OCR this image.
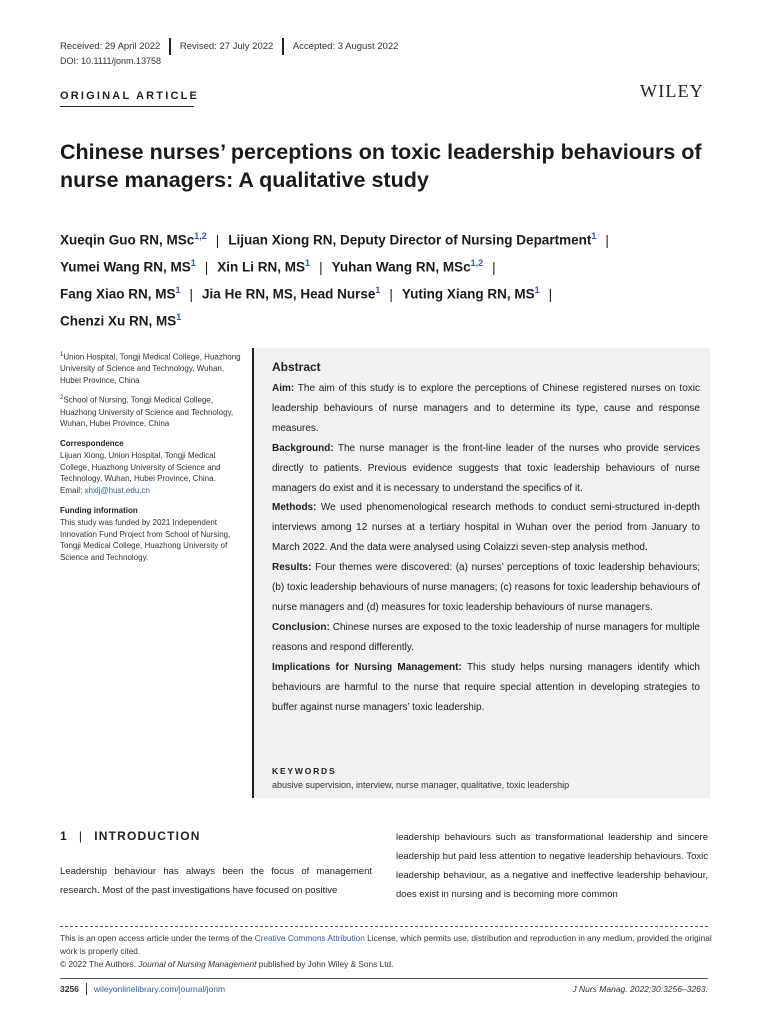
Received: 29 April 2022 Revised: 27 July 2022 Accepted: 3 August 2022
DOI: 10.1111/jonm.13758
ORIGINAL ARTICLE	WILEY
Chinese nurses’ perceptions on toxic leadership behaviours of nurse managers: A qualitative study
Xueqin Guo RN, MSc$^{1,2}$ | Lijuan Xiong RN, Deputy Director of Nursing Department$^1$ |
Yumei Wang RN, $MS^1$ | Xin Li RN, $MS^1$ | Yuhan Wang RN, MSc$^{1,2}$ |
Fang Xiao RN, $MS^1$ | Jia He RN, MS, Head Nurse$^1$ | Yuting Xiang RN, $MS^1$ |
Chenzi Xu RN, $MS^1$

$^1$Union Hospital, Tongji Medical College, Huazhong University of Science and Technology, Wuhan, Hubei Province, China

$^2$School of Nursing, Tongji Medical College, Huazhong University of Science and Technology, Wuhan, Hubei Province, China

Correspondence

Lijuan Xiong, Union Hospital, Tongji Medical College, Huazhong University of Science and Technology, Wuhan, Hubei Province, China.
Email: xhxlj@hust.edu.cn

Funding information

This study was funded by 2021 Independent Innovation Fund Project from School of Nursing, Tongji Medical College, Huazhong University of Science and Technology.

Abstract

Aim: The aim of this study is to explore the perceptions of Chinese registered nurses on toxic leadership behaviours of nurse managers and to determine its type, cause and response measures.

Background: The nurse manager is the front-line leader of the nurses who provide services directly to patients. Previous evidence suggests that toxic leadership behaviours of nurse managers do exist and it is necessary to understand the specifics of it.

Methods: We used phenomenological research methods to conduct semi-structured in-depth interviews among 12 nurses at a tertiary hospital in Wuhan over the period from January to March 2022. And the data were analysed using Colaizzi seven-step analysis method.

Results: Four themes were discovered: (a) nurses’ perceptions of toxic leadership behaviours; (b) toxic leadership behaviours of nurse managers; (c) reasons for toxic leadership behaviours of nurse managers and (d) measures for toxic leadership behaviours of nurse managers.

Conclusion: Chinese nurses are exposed to the toxic leadership of nurse managers for multiple reasons and respond differently.

Implications for Nursing Management: This study helps nursing managers identify which behaviours are harmful to the nurse that require special attention in developing strategies to buffer against nurse managers’ toxic leadership.

KEYWORDS
abusive supervision, interview, nurse manager, qualitative, toxic leadership
1 | INTRODUCTION

Leadership behaviour has always been the focus of management research. Most of the past investigations have focused on positive

leadership behaviours such as transformational leadership and sincere leadership but paid less attention to negative leadership behaviours. Toxic leadership behaviour, as a negative and ineffective leadership behaviour, does exist in nursing and is becoming more common

This is an open access article under the terms of the Creative Commons Attribution License, which permits use, distribution and reproduction in any medium, provided the original work is properly cited.

© 2022 The Authors. Journal of Nursing Management published by John Wiley & Sons Ltd.

3256 wileyonlinelibrary.com/journal/jonm	J Nurs Manag. 2022;30:3256–3263.
